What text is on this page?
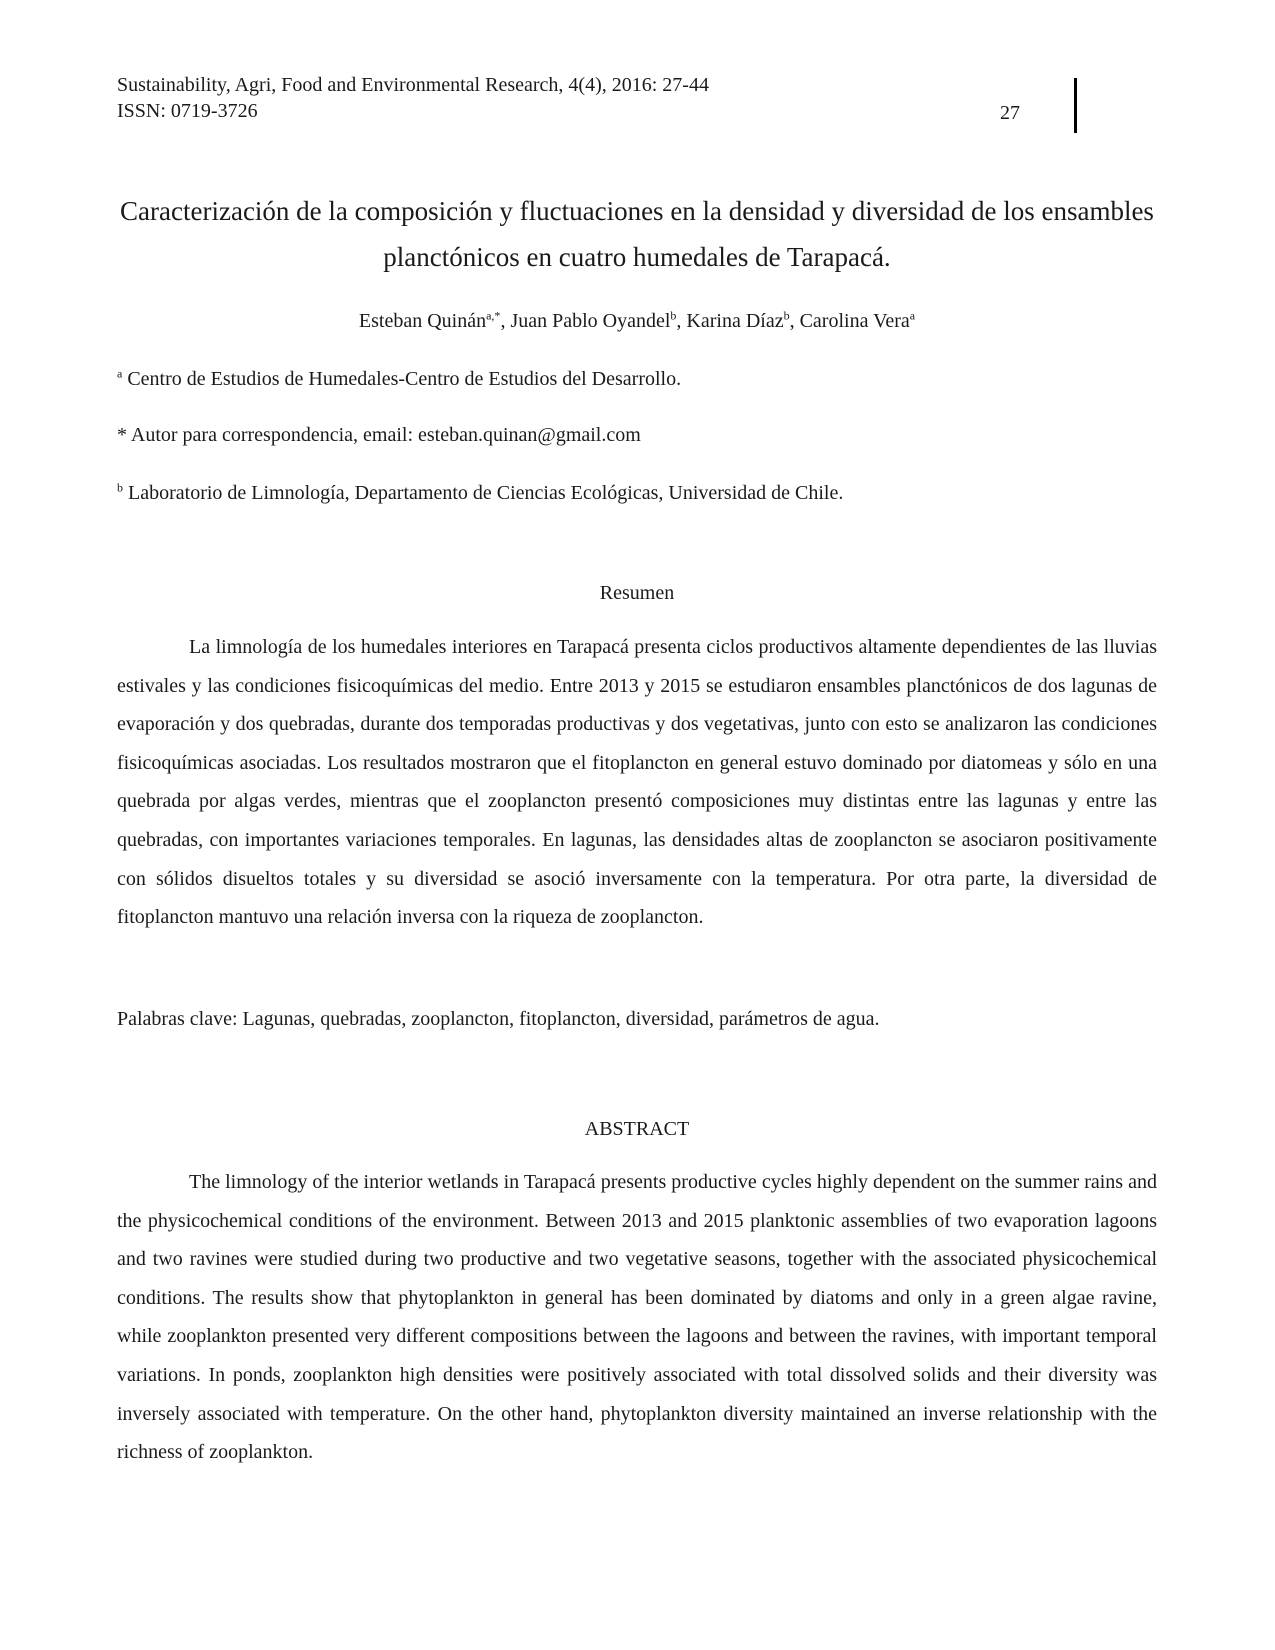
Sustainability, Agri, Food and Environmental Research, 4(4), 2016: 27-44
ISSN: 0719-3726	27
Caracterización de la composición y fluctuaciones en la densidad y diversidad de los ensambles planctónicos en cuatro humedales de Tarapacá.
Esteban Quinán$^{a,*}$, Juan Pablo Oyandel$^b$, Karina Díaz$^b$, Carolina Vera$^a$
$^a$ Centro de Estudios de Humedales-Centro de Estudios del Desarrollo.
* Autor para correspondencia, email: esteban.quinan@gmail.com
$^b$ Laboratorio de Limnología, Departamento de Ciencias Ecológicas, Universidad de Chile.
Resumen

La limnología de los humedales interiores en Tarapacá presenta ciclos productivos altamente dependientes de las lluvias estivales y las condiciones fisicoquímicas del medio. Entre 2013 y 2015 se estudiaron ensambles planctónicos de dos lagunas de evaporación y dos quebradas, durante dos temporadas productivas y dos vegetativas, junto con esto se analizaron las condiciones fisicoquímicas asociadas. Los resultados mostraron que el fitoplancton en general estuvo dominado por diatomeas y sólo en una quebrada por algas verdes, mientras que el zooplancton presentó composiciones muy distintas entre las lagunas y entre las quebradas, con importantes variaciones temporales. En lagunas, las densidades altas de zooplancton se asociaron positivamente con sólidos disueltos totales y su diversidad se asoció inversamente con la temperatura. Por otra parte, la diversidad de fitoplancton mantuvo una relación inversa con la riqueza de zooplancton.

Palabras clave: Lagunas, quebradas, zooplancton, fitoplancton, diversidad, parámetros de agua.
ABSTRACT

The limnology of the interior wetlands in Tarapacá presents productive cycles highly dependent on the summer rains and the physicochemical conditions of the environment. Between 2013 and 2015 planktonic assemblies of two evaporation lagoons and two ravines were studied during two productive and two vegetative seasons, together with the associated physicochemical conditions. The results show that phytoplankton in general has been dominated by diatoms and only in a green algae ravine, while zooplankton presented very different compositions between the lagoons and between the ravines, with important temporal variations. In ponds, zooplankton high densities were positively associated with total dissolved solids and their diversity was inversely associated with temperature. On the other hand, phytoplankton diversity maintained an inverse relationship with the richness of zooplankton.
